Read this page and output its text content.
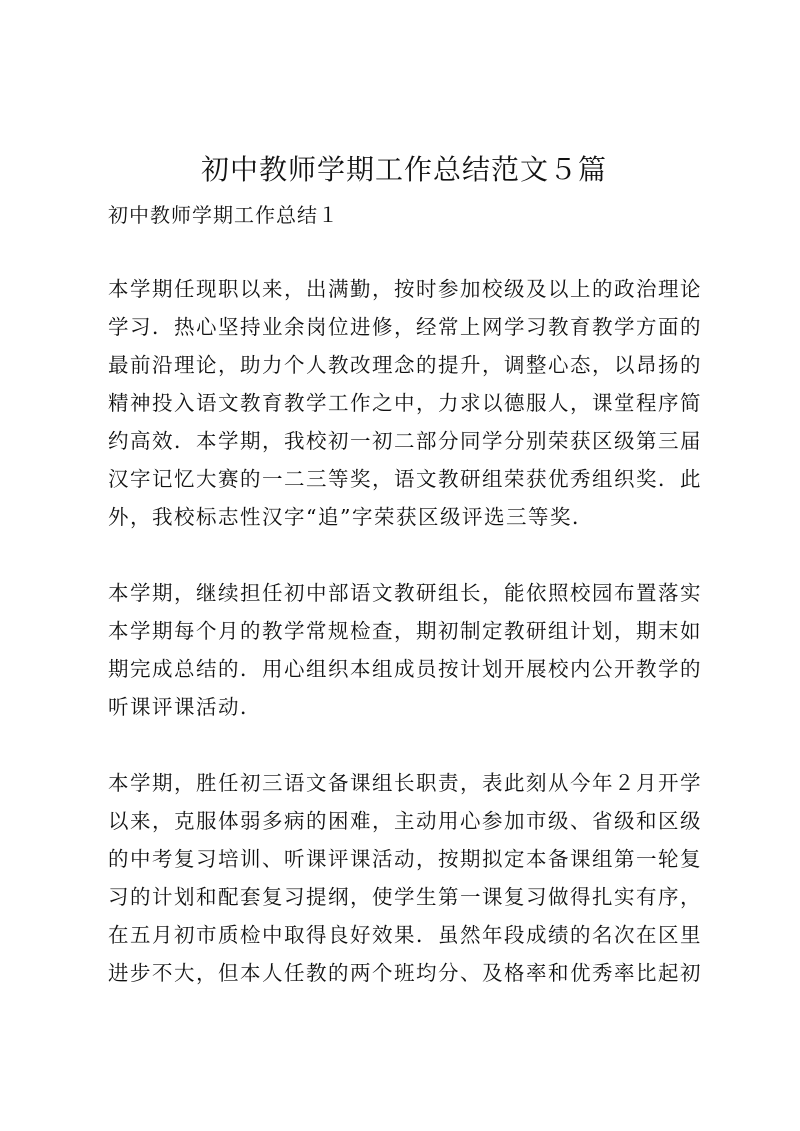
初中教师学期工作总结范文５篇
初中教师学期工作总结１
本学期任现职以来，出满勤，按时参加校级及以上的政治理论
学习．热心坚持业余岗位进修，经常上网学习教育教学方面的
最前沿理论，助力个人教改理念的提升，调整心态，以昂扬的
精神投入语文教育教学工作之中，力求以德服人，课堂程序简
约高效．本学期，我校初一初二部分同学分别荣获区级第三届
汉字记忆大赛的一二三等奖，语文教研组荣获优秀组织奖．此
外，我校标志性汉字“追”字荣获区级评选三等奖．
本学期，继续担任初中部语文教研组长，能依照校园布置落实
本学期每个月的教学常规检查，期初制定教研组计划，期末如
期完成总结的．用心组织本组成员按计划开展校内公开教学的
听课评课活动．
本学期，胜任初三语文备课组长职责，表此刻从今年２月开学
以来，克服体弱多病的困难，主动用心参加市级、省级和区级
的中考复习培训、听课评课活动，按期拟定本备课组第一轮复
习的计划和配套复习提纲，使学生第一课复习做得扎实有序，
在五月初市质检中取得良好效果．虽然年段成绩的名次在区里
进步不大，但本人任教的两个班均分、及格率和优秀率比起初
